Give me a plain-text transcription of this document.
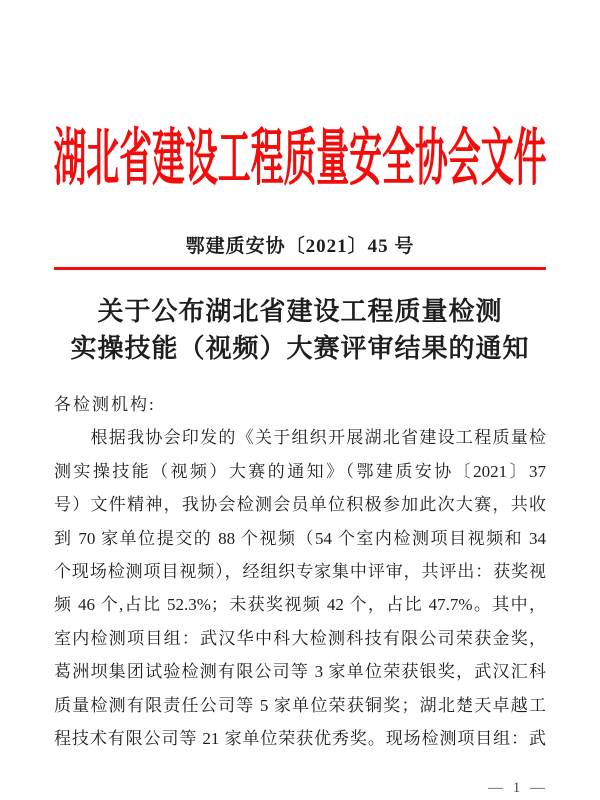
湖北省建设工程质量安全协会文件
鄂建质安协〔2021〕45 号
关于公布湖北省建设工程质量检测
实操技能（视频）大赛评审结果的通知
各检测机构:
　　根据我协会印发的《关于组织开展湖北省建设工程质量检
测实操技能（视频）大赛的通知》（鄂建质安协〔2021〕37
号）文件精神，我协会检测会员单位积极参加此次大赛，共收
到 70 家单位提交的 88 个视频（54 个室内检测项目视频和 34
个现场检测项目视频），经组织专家集中评审，共评出：获奖视
频 46 个,占比 52.3%；未获奖视频 42 个，占比 47.7%。其中，
室内检测项目组：武汉华中科大检测科技有限公司荣获金奖，
葛洲坝集团试验检测有限公司等 3 家单位荣获银奖，武汉汇科
质量检测有限责任公司等 5 家单位荣获铜奖；湖北楚天卓越工
程技术有限公司等 21 家单位荣获优秀奖。现场检测项目组：武
— 1 —
